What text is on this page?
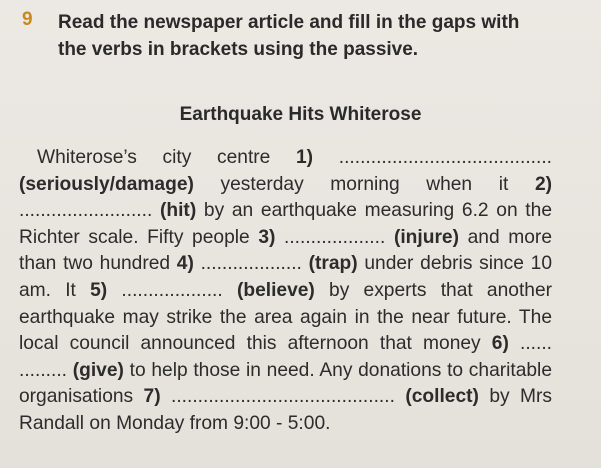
9 Read the newspaper article and fill in the gaps with
the verbs in brackets using the passive.
Earthquake Hits Whiterose
Whiterose’s city centre 1) ........................................ (seriously/damage) yesterday morning when it 2) ......................... (hit) by an earthquake measuring 6.2 on the Richter scale. Fifty people 3) ................... (injure) and more than two hundred 4) ................... (trap) under debris since 10 am. It 5) ................... (believe) by experts that another earthquake may strike the area again in the near future. The local council announced this afternoon that money 6) ...... ......... (give) to help those in need. Any donations to charitable organisations 7) .......................................... (collect) by Mrs Randall on Monday from 9:00 - 5:00.
